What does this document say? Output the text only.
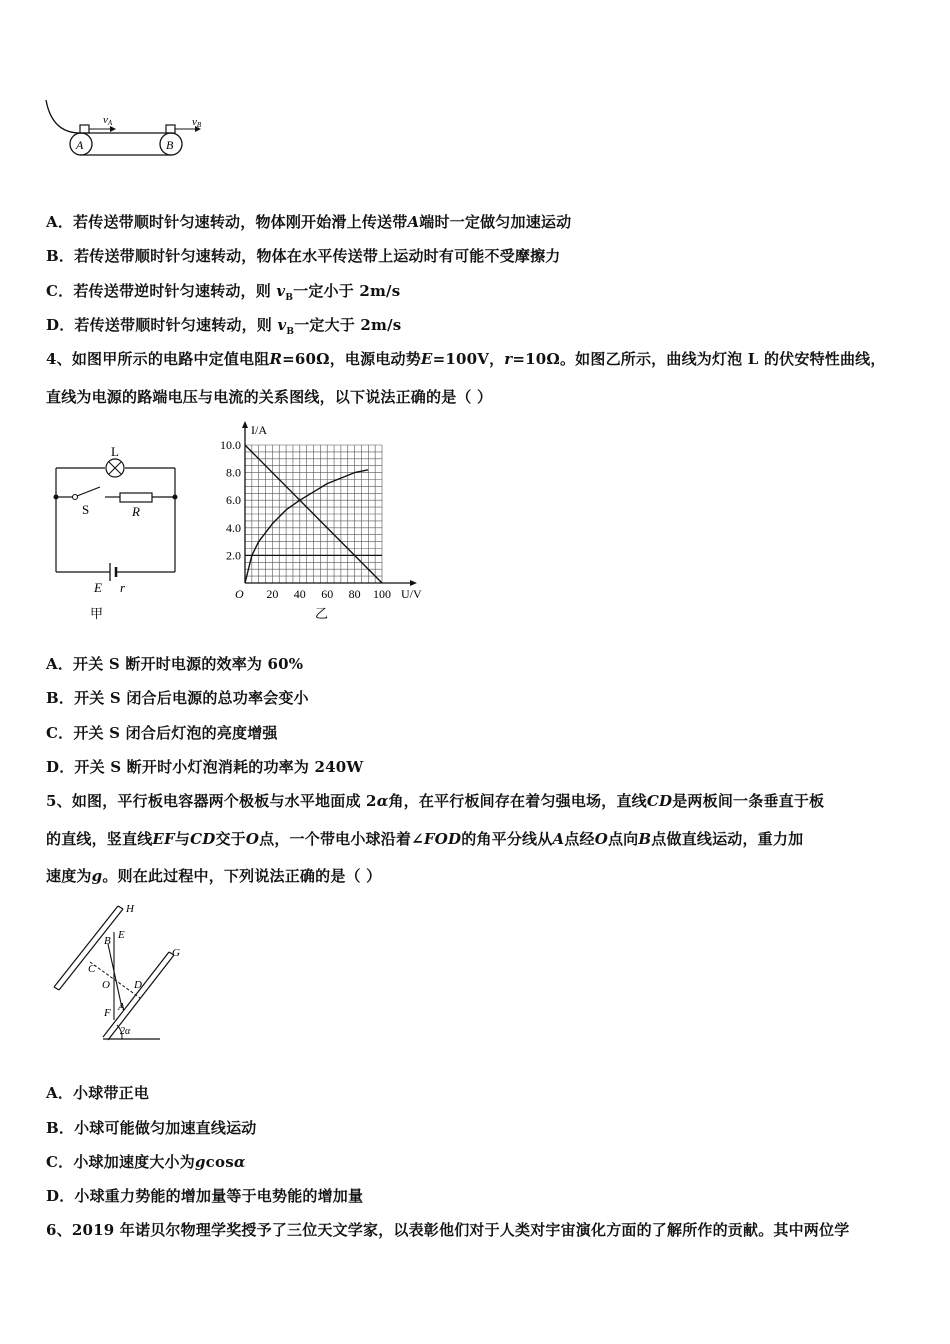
A	B
vA	vB
A．若传送带顺时针匀速转动，物体刚开始滑上传送带A端时一定做匀加速运动
B．若传送带顺时针匀速转动，物体在水平传送带上运动时有可能不受摩擦力
C．若传送带逆时针匀速转动，则 $v_B$一定小于 2m/s
D．若传送带顺时针匀速转动，则 $v_B$一定大于 2m/s
4、如图甲所示的电路中定值电阻R=60Ω，电源电动势E=100V，r=10Ω。如图乙所示，曲线为灯泡 L 的伏安特性曲线，
直线为电源的路端电压与电流的关系图线，以下说法正确的是（ ）
L
S	R
E r
甲
I/A
U/V
O 20 40 60 80 100
2.0
4.0
6.0
8.0
10.0
乙
A．开关 S 断开时电源的效率为 60%
B．开关 S 闭合后电源的总功率会变小
C．开关 S 闭合后灯泡的亮度增强
D．开关 S 断开时小灯泡消耗的功率为 240W
5、如图，平行板电容器两个极板与水平地面成 2α角，在平行板间存在着匀强电场，直线CD是两板间一条垂直于板
的直线，竖直线EF与CD交于O点，一个带电小球沿着∠FOD的角平分线从A点经O点向B点做直线运动，重力加
速度为g。则在此过程中，下列说法正确的是（ ）
H
G
E
B
C
O D
A
F
2α
A．小球带正电
B．小球可能做匀加速直线运动
C．小球加速度大小为gcosα
D．小球重力势能的增加量等于电势能的增加量
6、2019 年诺贝尔物理学奖授予了三位天文学家，以表彰他们对于人类对宇宙演化方面的了解所作的贡献。其中两位学
